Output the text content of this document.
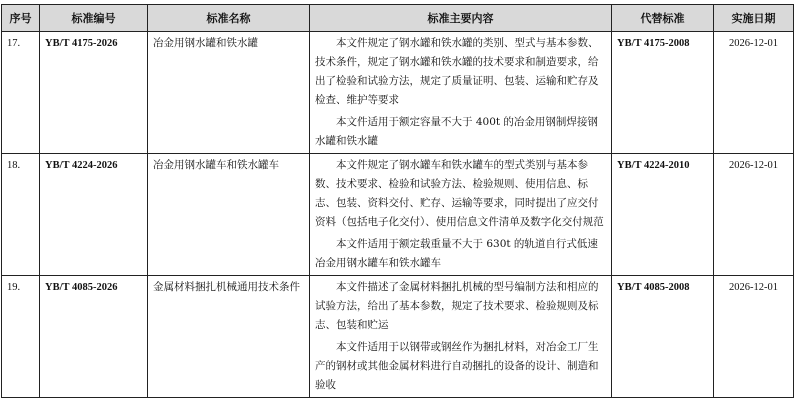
序号	标准编号	标准名称	标准主要内容	代替标准	实施日期
17.	YB/T 4175-2026	冶金用钢水罐和铁水罐	本文件规定了钢水罐和铁水罐的类别、型式与基本参数、技术条件，规定了钢水罐和铁水罐的技术要求和制造要求，给出了检验和试验方法，规定了质量证明、包装、运输和贮存及检查、维护等要求

本文件适用于额定容量不大于 400t 的冶金用钢制焊接钢水罐和铁水罐	YB/T 4175-2008	2026-12-01
18.	YB/T 4224-2026	冶金用钢水罐车和铁水罐车	本文件规定了钢水罐车和铁水罐车的型式类别与基本参数、技术要求、检验和试验方法、检验规则、使用信息、标志、包装、资料交付、贮存、运输等要求，同时提出了应交付资料（包括电子化交付）、使用信息文件清单及数字化交付规范

本文件适用于额定载重量不大于 630t 的轨道自行式低速冶金用钢水罐车和铁水罐车	YB/T 4224-2010	2026-12-01
19.	YB/T 4085-2026	金属材料捆扎机械通用技术条件	本文件描述了金属材料捆扎机械的型号编制方法和相应的试验方法，给出了基本参数，规定了技术要求、检验规则及标志、包装和贮运

本文件适用于以钢带或钢丝作为捆扎材料，对冶金工厂生产的钢材或其他金属材料进行自动捆扎的设备的设计、制造和验收	YB/T 4085-2008	2026-12-01
